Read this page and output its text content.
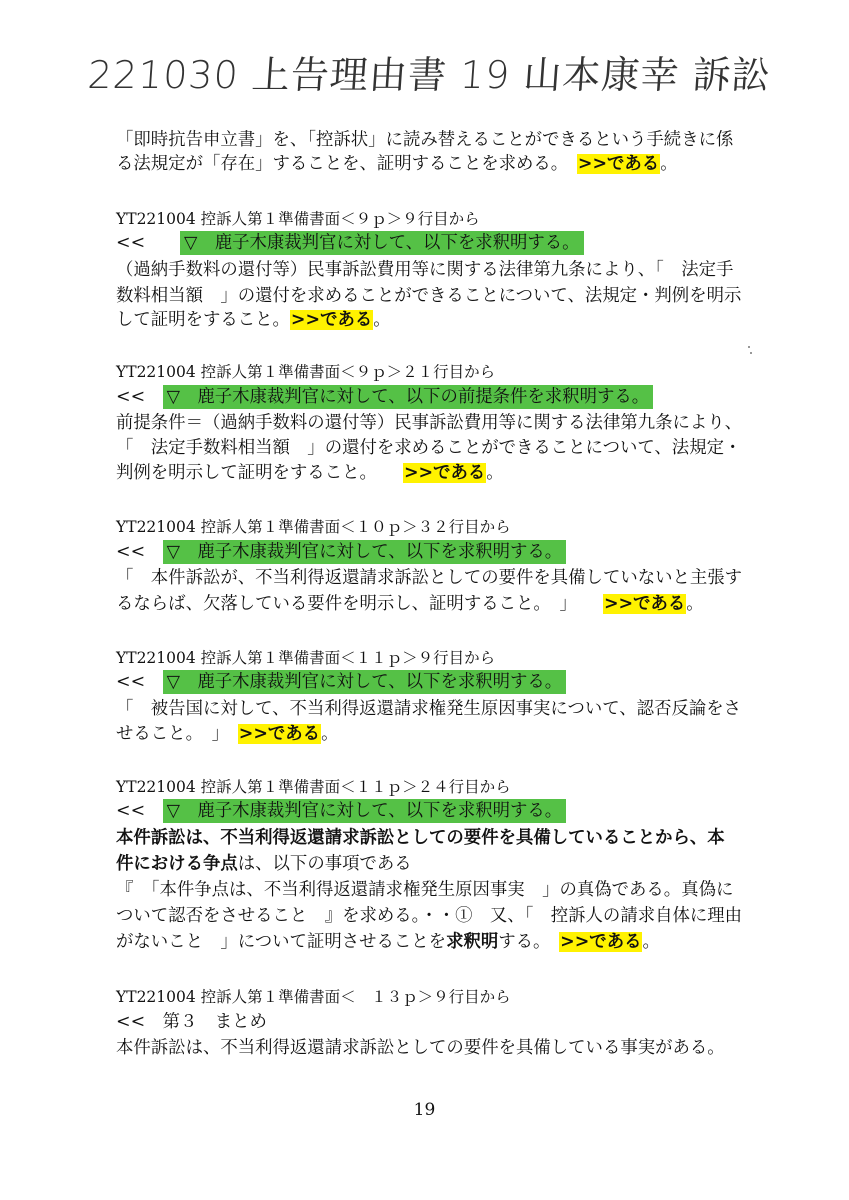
221030 上告理由書 19 山本康幸 訴訟
「即時抗告申立書」を、「控訴状」に読み替えることができるという手続きに係
る法規定が「存在」することを、証明することを求める。　 >>である。
YT221004 控訴人第１準備書面＜９ｐ＞９行目から
<<　　 ▽　鹿子木康裁判官に対して、以下を求釈明する。
（過納手数料の還付等）民事訴訟費用等に関する法律第九条により、「　法定手
数料相当額　」の還付を求めることができることについて、法規定・判例を明示
して証明をすること。>>である。
YT221004 控訴人第１準備書面＜９ｐ＞２１行目から
<<　 ▽　鹿子木康裁判官に対して、以下の前提条件を求釈明する。
前提条件＝（過納手数料の還付等）民事訴訟費用等に関する法律第九条により、
「　法定手数料相当額　」の還付を求めることができることについて、法規定・
判例を明示して証明をすること。　　 >>である。
YT221004 控訴人第１準備書面＜１０ｐ＞３２行目から
<<　 ▽　鹿子木康裁判官に対して、以下を求釈明する。
「　本件訴訟が、不当利得返還請求訴訟としての要件を具備していないと主張す
るならば、欠落している要件を明示し、証明すること。　」　　 >>である。
YT221004 控訴人第１準備書面＜１１ｐ＞９行目から
<<　 ▽　鹿子木康裁判官に対して、以下を求釈明する。
「　被告国に対して、不当利得返還請求権発生原因事実について、認否反論をさ
せること。　」　 >>である。
YT221004 控訴人第１準備書面＜１１ｐ＞２４行目から
<<　 ▽　鹿子木康裁判官に対して、以下を求釈明する。
本件訴訟は、不当利得返還請求訴訟としての要件を具備していることから、本
件における争点は、以下の事項である
『　「本件争点は、不当利得返還請求権発生原因事実　」の真偽である。真偽に
ついて認否をさせること　』を求める。・・①　又、「　控訴人の請求自体に理由
がないこと　」について証明させることを求釈明する。　 >>である。
YT221004 控訴人第１準備書面＜　１３ｐ＞９行目から
<<　 第３　まとめ
本件訴訟は、不当利得返還請求訴訟としての要件を具備している事実がある。
19
